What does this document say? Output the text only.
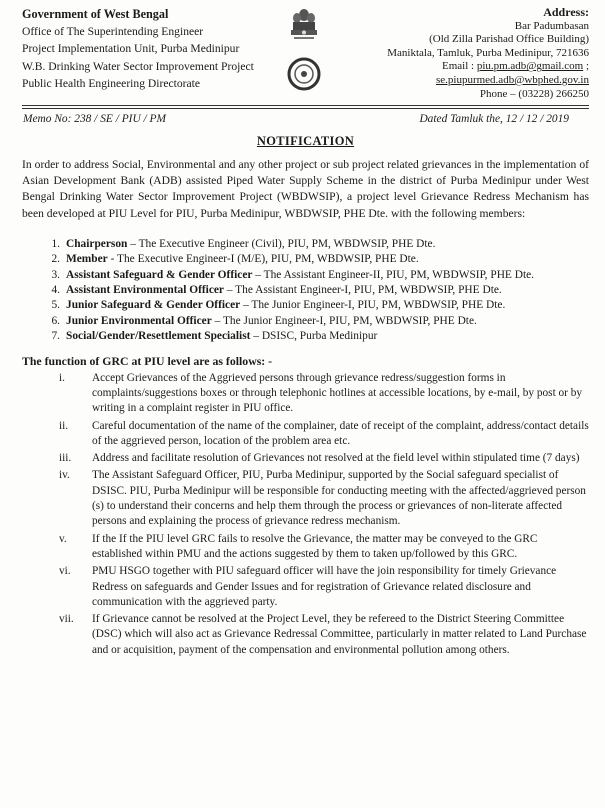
Government of West Bengal
Office of The Superintending Engineer
Project Implementation Unit, Purba Medinipur
W.B. Drinking Water Sector Improvement Project
Public Health Engineering Directorate
Address:
Bar Padumbasan
(Old Zilla Parishad Office Building)
Maniktala, Tamluk, Purba Medinipur, 721636
Email : piu.pm.adb@gmail.com ;
se.piupurmed.adb@wbphed.gov.in
Phone – (03228) 266250
Memo No: 238 / SE / PIU / PM	Dated Tamluk the, 12 / 12 / 2019
NOTIFICATION

In order to address Social, Environmental and any other project or sub project related grievances in the implementation of Asian Development Bank (ADB) assisted Piped Water Supply Scheme in the district of Purba Medinipur under West Bengal Drinking Water Sector Improvement Project (WBDWSIP), a project level Grievance Redress Mechanism has been developed at PIU Level for PIU, Purba Medinipur, WBDWSIP, PHE Dte. with the following members:

1. Chairperson – The Executive Engineer (Civil), PIU, PM, WBDWSIP, PHE Dte.
2. Member - The Executive Engineer-I (M/E), PIU, PM, WBDWSIP, PHE Dte.
3. Assistant Safeguard & Gender Officer – The Assistant Engineer-II, PIU, PM, WBDWSIP, PHE Dte.
4. Assistant Environmental Officer – The Assistant Engineer-I, PIU, PM, WBDWSIP, PHE Dte.
5. Junior Safeguard & Gender Officer – The Junior Engineer-I, PIU, PM, WBDWSIP, PHE Dte.
6. Junior Environmental Officer – The Junior Engineer-I, PIU, PM, WBDWSIP, PHE Dte.
7. Social/Gender/Resettlement Specialist – DSISC, Purba Medinipur
The function of GRC at PIU level are as follows: -
i.	Accept Grievances of the Aggrieved persons through grievance redress/suggestion forms in complaints/suggestions boxes or through telephonic hotlines at accessible locations, by e-mail, by post or by writing in a complaint register in PIU office.
ii.	Careful documentation of the name of the complainer, date of receipt of the complaint, address/contact details of the aggrieved person, location of the problem area etc.
iii.	Address and facilitate resolution of Grievances not resolved at the field level within stipulated time (7 days)
iv.	The Assistant Safeguard Officer, PIU, Purba Medinipur, supported by the Social safeguard specialist of DSISC. PIU, Purba Medinipur will be responsible for conducting meeting with the affected/aggrieved person (s) to understand their concerns and help them through the process or grievances of non-literate affected persons and explaining the process of grievance redress mechanism.
v.	If the If the PIU level GRC fails to resolve the Grievance, the matter may be conveyed to the GRC established within PMU and the actions suggested by them to taken up/followed by this GRC.
vi.	PMU HSGO together with PIU safeguard officer will have the join responsibility for timely Grievance Redress on safeguards and Gender Issues and for registration of Grievance related disclosure and communication with the aggrieved party.
vii.	If Grievance cannot be resolved at the Project Level, they be refereed to the District Steering Committee (DSC) which will also act as Grievance Redressal Committee, particularly in matter related to Land Purchase and or acquisition, payment of the compensation and environmental pollution among others.
